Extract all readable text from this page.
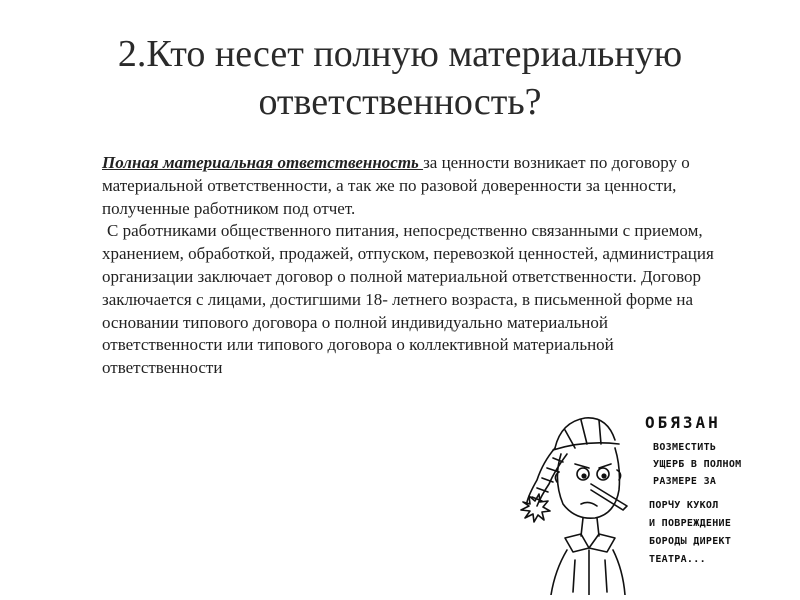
2.Кто несет полную материальную
ответственность?
Полная материальная ответственность за ценности возникает по договору о материальной ответственности, а так же по разовой доверенности за ценности, полученные работником под отчет.
С работниками общественного питания, непосредственно связанными с приемом, хранением, обработкой, продажей, отпуском, перевозкой ценностей, администрация организации заключает договор о полной материальной ответственности. Договор заключается с лицами, достигшими 18- летнего возраста, в письменной форме на основании типового договора о полной индивидуально материальной ответственности или типового договора о коллективной материальной ответственности
ОБЯЗАН
ВОЗМЕСТИТЬ
УЩЕРБ В ПОЛНОМ
РАЗМЕРЕ ЗА
ПОРЧУ КУКОЛ
И ПОВРЕЖДЕНИЕ
БОРОДЫ ДИРЕКТ
ТЕАТРА...
